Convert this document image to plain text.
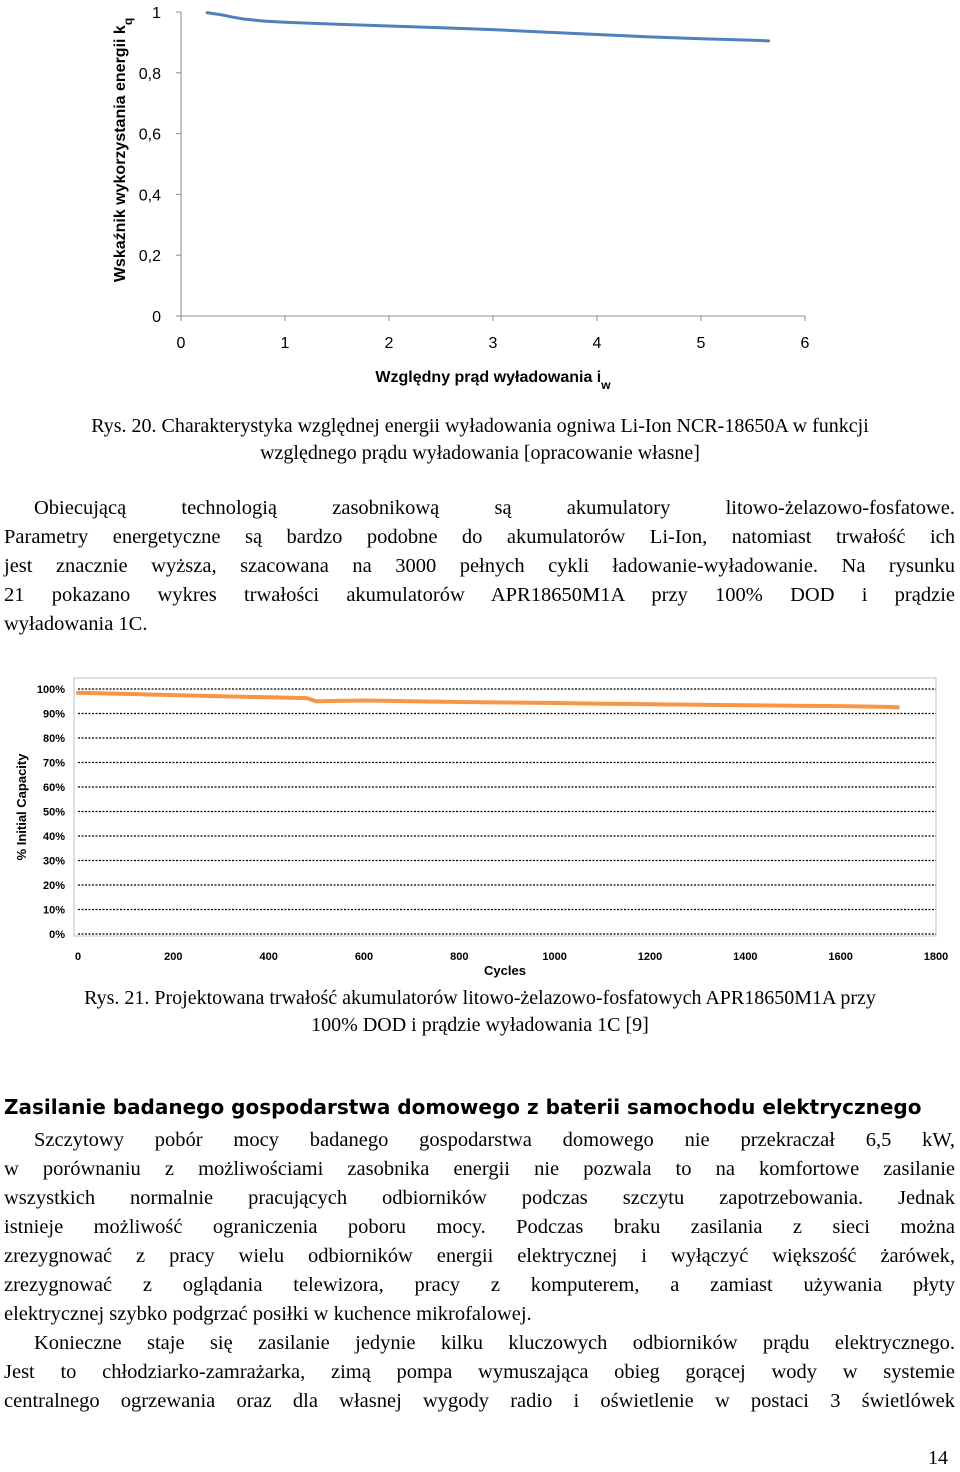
0
0,2
0,4
0,6
0,8
1
0	1	2	3	4	5	6
Wskaźnik wykorzystania energii $k_q$
Względny prąd wyładowania $i_w$
Rys. 20. Charakterystyka względnej energii wyładowania ogniwa Li-Ion NCR-18650A w funkcji
względnego prądu wyładowania [opracowanie własne]
Obiecującą technologią zasobnikową są akumulatory litowo-żelazowo-fosfatowe.
Parametry energetyczne są bardzo podobne do akumulatorów Li-Ion, natomiast trwałość ich
jest znacznie wyższa, szacowana na 3000 pełnych cykli ładowanie-wyładowanie. Na rysunku
21 pokazano wykres trwałości akumulatorów APR18650M1A przy 100% DOD i prądzie
wyładowania 1C.
0%
10%
20%
30%
40%
50%
60%
70%
80%
90%
100%
0	200	400	600	800	1000	1200	1400	1600	1800
% Initial Capacity
Cycles
Rys. 21. Projektowana trwałość akumulatorów litowo-żelazowo-fosfatowych APR18650M1A przy
100% DOD i prądzie wyładowania 1C [9]
Zasilanie badanego gospodarstwa domowego z baterii samochodu elektrycznego
Szczytowy pobór mocy badanego gospodarstwa domowego nie przekraczał 6,5 kW,
w porównaniu z możliwościami zasobnika energii nie pozwala to na komfortowe zasilanie
wszystkich normalnie pracujących odbiorników podczas szczytu zapotrzebowania. Jednak
istnieje możliwość ograniczenia poboru mocy. Podczas braku zasilania z sieci można
zrezygnować z pracy wielu odbiorników energii elektrycznej i wyłączyć większość żarówek,
zrezygnować z oglądania telewizora, pracy z komputerem, a zamiast używania płyty
elektrycznej szybko podgrzać posiłki w kuchence mikrofalowej.
Konieczne staje się zasilanie jedynie kilku kluczowych odbiorników prądu elektrycznego.
Jest to chłodziarko-zamrażarka, zimą pompa wymuszająca obieg gorącej wody w systemie
centralnego ogrzewania oraz dla własnej wygody radio i oświetlenie w postaci 3 świetlówek
14
